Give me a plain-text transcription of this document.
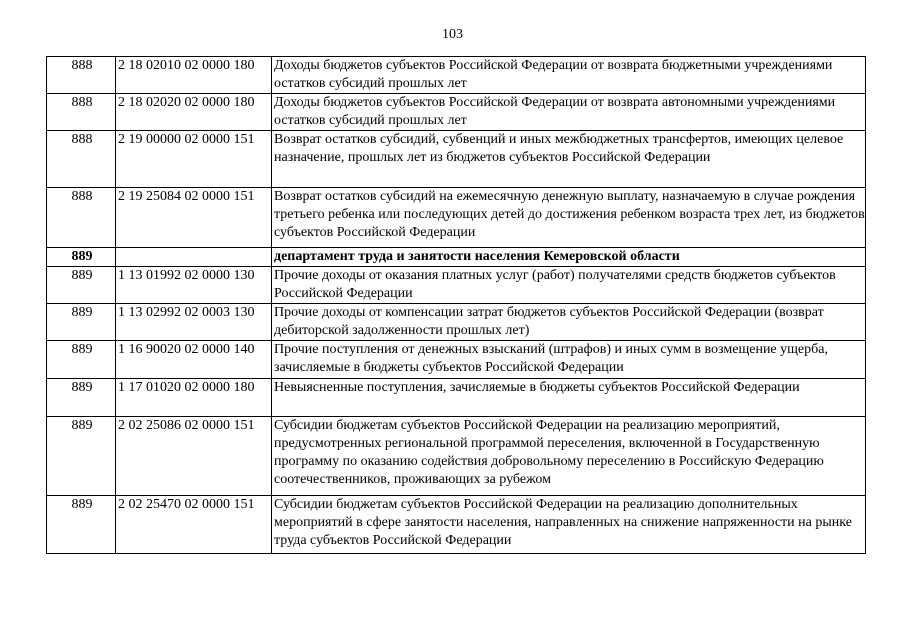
103
888	2 18 02010 02 0000 180	Доходы бюджетов субъектов Российской Федерации от возврата бюджетными учреждениями остатков субсидий прошлых лет
888	2 18 02020 02 0000 180	Доходы бюджетов субъектов Российской Федерации от возврата автономными учреждениями остатков субсидий прошлых лет
888	2 19 00000 02 0000 151	Возврат остатков субсидий, субвенций и иных межбюджетных трансфертов, имеющих целевое назначение, прошлых лет из бюджетов субъектов Российской Федерации
888	2 19 25084 02 0000 151	Возврат остатков субсидий на ежемесячную денежную выплату, назначаемую в случае рождения третьего ребенка или последующих детей до достижения ребенком возраста трех лет, из бюджетов субъектов Российской Федерации
889		департамент труда и занятости населения Кемеровской области
889	1 13 01992 02 0000 130	Прочие доходы от оказания платных услуг (работ) получателями средств бюджетов субъектов Российской Федерации
889	1 13 02992 02 0003 130	Прочие доходы от компенсации затрат бюджетов субъектов Российской Федерации (возврат дебиторской задолженности прошлых лет)
889	1 16 90020 02 0000 140	Прочие поступления от денежных взысканий (штрафов) и иных сумм в возмещение ущерба, зачисляемые в бюджеты субъектов Российской Федерации
889	1 17 01020 02 0000 180	Невыясненные поступления, зачисляемые в бюджеты субъектов Российской Федерации
889	2 02 25086 02 0000 151	Субсидии бюджетам субъектов Российской Федерации на реализацию мероприятий, предусмотренных региональной программой переселения, включенной в Государственную программу по оказанию содействия добровольному переселению в Российскую Федерацию соотечественников, проживающих за рубежом
889	2 02 25470 02 0000 151	Субсидии бюджетам субъектов Российской Федерации на реализацию дополнительных мероприятий в сфере занятости населения, направленных на снижение напряженности на рынке труда субъектов Российской Федерации
